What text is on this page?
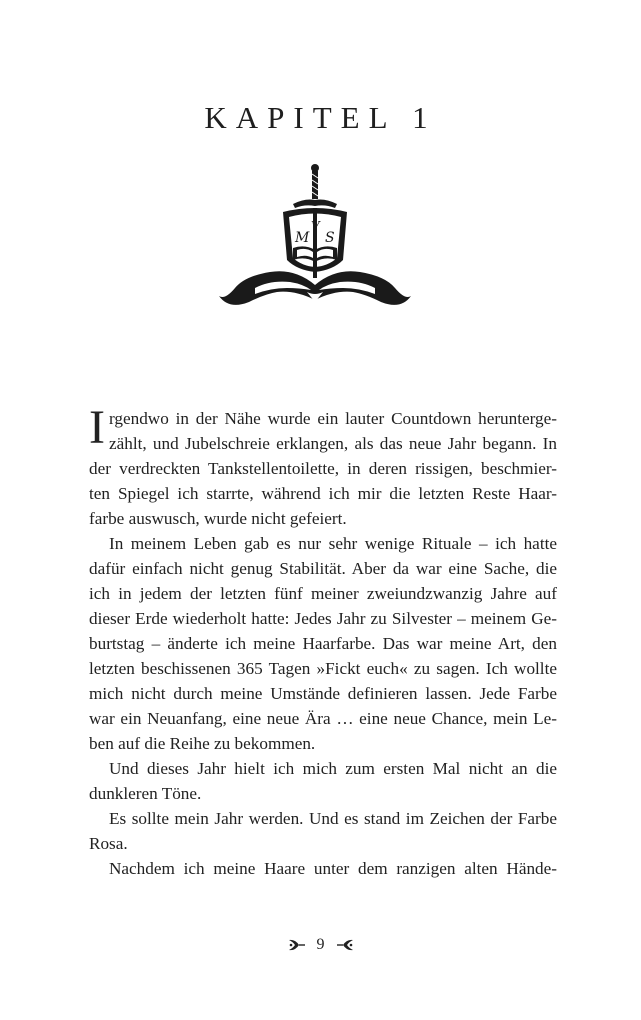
KAPITEL 1
M
V
S

I rgendwo in der Nähe wurde ein lauter Countdown herunterge-
zählt, und Jubelschreie erklangen, als das neue Jahr begann. In
der verdreckten Tankstellentoilette, in deren rissigen, beschmier-
ten Spiegel ich starrte, während ich mir die letzten Reste Haar-
farbe auswusch, wurde nicht gefeiert.

In meinem Leben gab es nur sehr wenige Rituale – ich hatte
dafür einfach nicht genug Stabilität. Aber da war eine Sache, die
ich in jedem der letzten fünf meiner zweiundzwanzig Jahre auf
dieser Erde wiederholt hatte: Jedes Jahr zu Silvester – meinem Ge-
burtstag – änderte ich meine Haarfarbe. Das war meine Art, den
letzten beschissenen 365 Tagen »Fickt euch« zu sagen. Ich wollte
mich nicht durch meine Umstände definieren lassen. Jede Farbe
war ein Neuanfang, eine neue Ära … eine neue Chance, mein Le-
ben auf die Reihe zu bekommen.

Und dieses Jahr hielt ich mich zum ersten Mal nicht an die
dunkleren Töne.

Es sollte mein Jahr werden. Und es stand im Zeichen der Farbe
Rosa.

Nachdem ich meine Haare unter dem ranzigen alten Hände-

9
